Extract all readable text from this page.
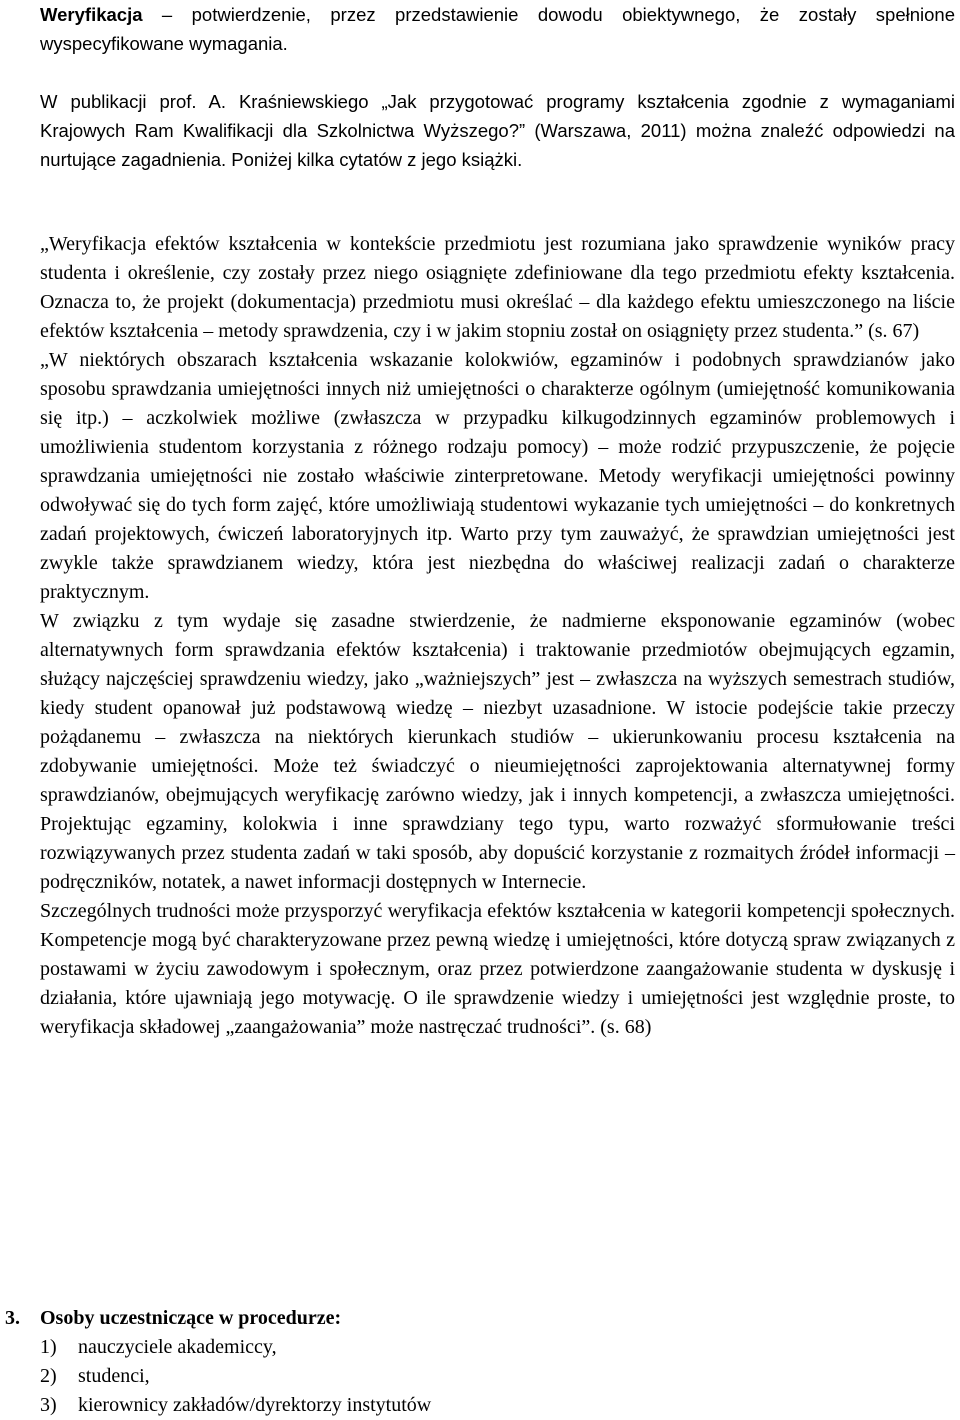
Weryfikacja – potwierdzenie, przez przedstawienie dowodu obiektywnego, że zostały spełnione wyspecyfikowane wymagania.

W publikacji prof. A. Kraśniewskiego „Jak przygotować programy kształcenia zgodnie z wymaganiami Krajowych Ram Kwalifikacji dla Szkolnictwa Wyższego?” (Warszawa, 2011) można znaleźć odpowiedzi na nurtujące zagadnienia. Poniżej kilka cytatów z jego książki.

„Weryfikacja efektów kształcenia w kontekście przedmiotu jest rozumiana jako sprawdzenie wyników pracy studenta i określenie, czy zostały przez niego osiągnięte zdefiniowane dla tego przedmiotu efekty kształcenia. Oznacza to, że projekt (dokumentacja) przedmiotu musi określać – dla każdego efektu umieszczonego na liście efektów kształcenia – metody sprawdzenia, czy i w jakim stopniu został on osiągnięty przez studenta.” (s. 67)

„W niektórych obszarach kształcenia wskazanie kolokwiów, egzaminów i podobnych sprawdzianów jako sposobu sprawdzania umiejętności innych niż umiejętności o charakterze ogólnym (umiejętność komunikowania się itp.) – aczkolwiek możliwe (zwłaszcza w przypadku kilkugodzinnych egzaminów problemowych i umożliwienia studentom korzystania z różnego rodzaju pomocy) – może rodzić przypuszczenie, że pojęcie sprawdzania umiejętności nie zostało właściwie zinterpretowane. Metody weryfikacji umiejętności powinny odwoływać się do tych form zajęć, które umożliwiają studentowi wykazanie tych umiejętności – do konkretnych zadań projektowych, ćwiczeń laboratoryjnych itp. Warto przy tym zauważyć, że sprawdzian umiejętności jest zwykle także sprawdzianem wiedzy, która jest niezbędna do właściwej realizacji zadań o charakterze praktycznym.

W związku z tym wydaje się zasadne stwierdzenie, że nadmierne eksponowanie egzaminów (wobec alternatywnych form sprawdzania efektów kształcenia) i traktowanie przedmiotów obejmujących egzamin, służący najczęściej sprawdzeniu wiedzy, jako „ważniejszych” jest – zwłaszcza na wyższych semestrach studiów, kiedy student opanował już podstawową wiedzę – niezbyt uzasadnione. W istocie podejście takie przeczy pożądanemu – zwłaszcza na niektórych kierunkach studiów – ukierunkowaniu procesu kształcenia na zdobywanie umiejętności. Może też świadczyć o nieumiejętności zaprojektowania alternatywnej formy sprawdzianów, obejmujących weryfikację zarówno wiedzy, jak i innych kompetencji, a zwłaszcza umiejętności. Projektując egzaminy, kolokwia i inne sprawdziany tego typu, warto rozważyć sformułowanie treści rozwiązywanych przez studenta zadań w taki sposób, aby dopuścić korzystanie z rozmaitych źródeł informacji – podręczników, notatek, a nawet informacji dostępnych w Internecie.

Szczególnych trudności może przysporzyć weryfikacja efektów kształcenia w kategorii kompetencji społecznych. Kompetencje mogą być charakteryzowane przez pewną wiedzę i umiejętności, które dotyczą spraw związanych z postawami w życiu zawodowym i społecznym, oraz przez potwierdzone zaangażowanie studenta w dyskusję i działania, które ujawniają jego motywację. O ile sprawdzenie wiedzy i umiejętności jest względnie proste, to weryfikacja składowej „zaangażowania” może nastręczać trudności”. (s. 68)

3.	Osoby uczestniczące w procedurze:
1)	nauczyciele akademiccy,
2)	studenci,
3)	kierownicy zakładów/dyrektorzy instytutów
